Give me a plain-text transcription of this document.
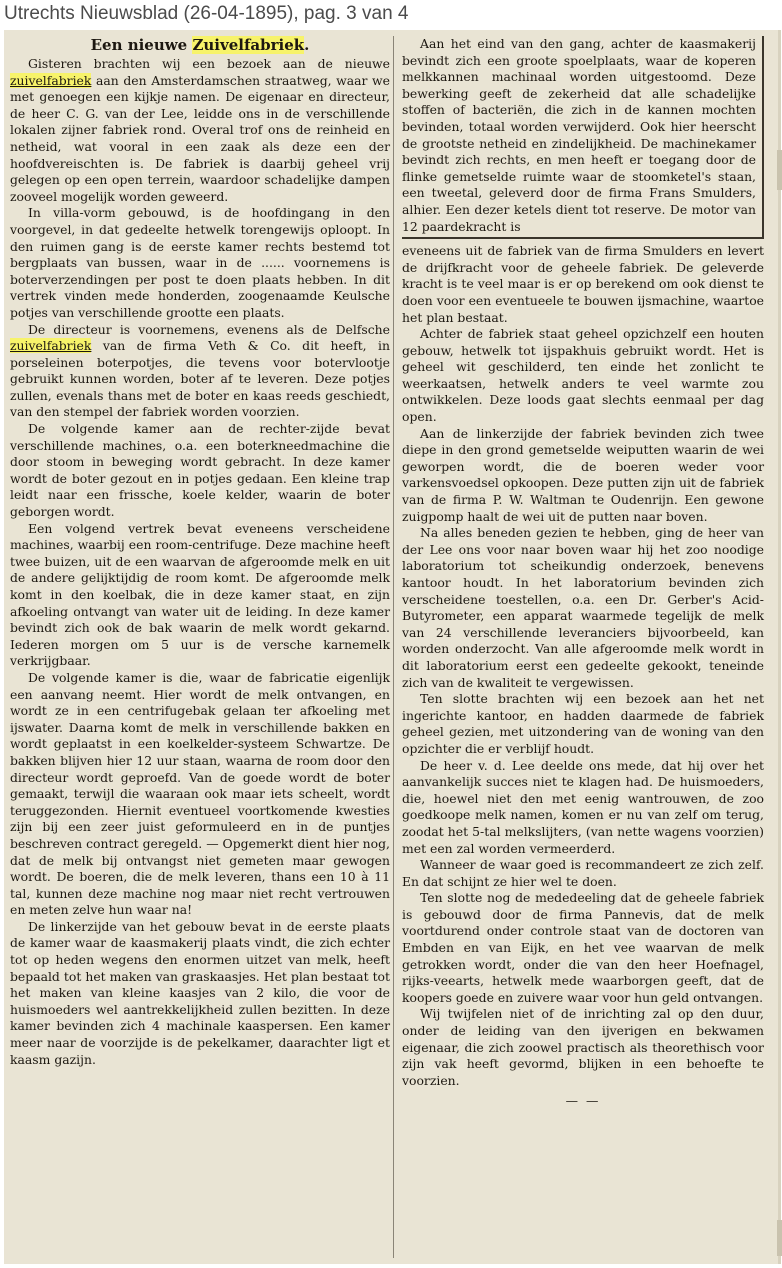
Utrechts Nieuwsblad (26-04-1895), pag. 3 van 4
Een nieuwe Zuivelfabriek.

Gisteren brachten wij een bezoek aan de nieuwe zuivelfabriek aan den Amsterdamschen straatweg, waar we met genoegen een kijkje namen. De eigenaar en directeur, de heer C. G. van der Lee, leidde ons in de verschillende lokalen zijner fabriek rond. Overal trof ons de reinheid en netheid, wat vooral in een zaak als deze een der hoofdvereischten is. De fabriek is daarbij geheel vrij gelegen op een open terrein, waardoor schadelijke dampen zooveel mogelijk worden geweerd.

In villa-vorm gebouwd, is de hoofdingang in den voorgevel, in dat gedeelte hetwelk torengewijs oploopt. In den ruimen gang is de eerste kamer rechts bestemd tot bergplaats van bussen, waar in de ...... voornemens is boterverzendingen per post te doen plaats hebben. In dit vertrek vinden mede honderden, zoogenaamde Keulsche potjes van verschillende grootte een plaats.

De directeur is voornemens, evenens als de Delfsche zuivelfabriek van de firma Veth & Co. dit heeft, in porseleinen boterpotjes, die tevens voor botervlootje gebruikt kunnen worden, boter af te leveren. Deze potjes zullen, evenals thans met de boter en kaas reeds geschiedt, van den stempel der fabriek worden voorzien.

De volgende kamer aan de rechter-zijde bevat verschillende machines, o.a. een boterkneedmachine die door stoom in beweging wordt gebracht. In deze kamer wordt de boter gezout en in potjes gedaan. Een kleine trap leidt naar een frissche, koele kelder, waarin de boter geborgen wordt.

Een volgend vertrek bevat eveneens verscheidene machines, waarbij een room-centrifuge. Deze machine heeft twee buizen, uit de een waarvan de afgeroomde melk en uit de andere gelijktijdig de room komt. De afgeroomde melk komt in den koelbak, die in deze kamer staat, en zijn afkoeling ontvangt van water uit de leiding. In deze kamer bevindt zich ook de bak waarin de melk wordt gekarnd. Iederen morgen om 5 uur is de versche karnemelk verkrijgbaar.

De volgende kamer is die, waar de fabricatie eigenlijk een aanvang neemt. Hier wordt de melk ontvangen, en wordt ze in een centrifugebak gelaan ter afkoeling met ijswater. Daarna komt de melk in verschillende bakken en wordt geplaatst in een koelkelder-systeem Schwartze. De bakken blijven hier 12 uur staan, waarna de room door den directeur wordt geproefd. Van de goede wordt de boter gemaakt, terwijl die waaraan ook maar iets scheelt, wordt teruggezonden. Hiernit eventueel voortkomende kwesties zijn bij een zeer juist geformuleerd en in de puntjes beschreven contract geregeld. — Opgemerkt dient hier nog, dat de melk bij ontvangst niet gemeten maar gewogen wordt. De boeren, die de melk leveren, thans een 10 à 11 tal, kunnen deze machine nog maar niet recht vertrouwen en meten zelve hun waar na!

De linkerzijde van het gebouw bevat in de eerste plaats de kamer waar de kaasmakerij plaats vindt, die zich echter tot op heden wegens den enormen uitzet van melk, heeft bepaald tot het maken van graskaasjes. Het plan bestaat tot het maken van kleine kaasjes van 2 kilo, die voor de huismoeders wel aantrekkelijkheid zullen bezitten. In deze kamer bevinden zich 4 machinale kaaspersen. Een kamer meer naar de voorzijde is de pekelkamer, daarachter ligt et kaasm gazijn.

Aan het eind van den gang, achter de kaasmakerij bevindt zich een groote spoelplaats, waar de koperen melkkannen machinaal worden uitgestoomd. Deze bewerking geeft de zekerheid dat alle schadelijke stoffen of bacteriën, die zich in de kannen mochten bevinden, totaal worden verwijderd. Ook hier heerscht de grootste netheid en zindelijkheid. De machinekamer bevindt zich rechts, en men heeft er toegang door de flinke gemetselde ruimte waar de stoomketel's staan, een tweetal, geleverd door de firma Frans Smulders, alhier. Een dezer ketels dient tot reserve. De motor van 12 paardekracht is

eveneens uit de fabriek van de firma Smulders en levert de drijfkracht voor de geheele fabriek. De geleverde kracht is te veel maar is er op berekend om ook dienst te doen voor een eventueele te bouwen ijsmachine, waartoe het plan bestaat.

Achter de fabriek staat geheel opzichzelf een houten gebouw, hetwelk tot ijspakhuis gebruikt wordt. Het is geheel wit geschilderd, ten einde het zonlicht te weerkaatsen, hetwelk anders te veel warmte zou ontwikkelen. Deze loods gaat slechts eenmaal per dag open.

Aan de linkerzijde der fabriek bevinden zich twee diepe in den grond gemetselde weiputten waarin de wei geworpen wordt, die de boeren weder voor varkensvoedsel opkoopen. Deze putten zijn uit de fabriek van de firma P. W. Waltman te Oudenrijn. Een gewone zuigpomp haalt de wei uit de putten naar boven.

Na alles beneden gezien te hebben, ging de heer van der Lee ons voor naar boven waar hij het zoo noodige laboratorium tot scheikundig onderzoek, benevens kantoor houdt. In het laboratorium bevinden zich verscheidene toestellen, o.a. een Dr. Gerber's Acid-Butyrometer, een apparat waarmede tegelijk de melk van 24 verschillende leveranciers bijvoorbeeld, kan worden onderzocht. Van alle afgeroomde melk wordt in dit laboratorium eerst een gedeelte gekookt, teneinde zich van de kwaliteit te vergewissen.

Ten slotte brachten wij een bezoek aan het net ingerichte kantoor, en hadden daarmede de fabriek geheel gezien, met uitzondering van de woning van den opzichter die er verblijf houdt.

De heer v. d. Lee deelde ons mede, dat hij over het aanvankelijk succes niet te klagen had. De huismoeders, die, hoewel niet den met eenig wantrouwen, de zoo goedkoope melk namen, komen er nu van zelf om terug, zoodat het 5-tal melkslijters, (van nette wagens voorzien) met een zal worden vermeerderd.

Wanneer de waar goed is recommandeert ze zich zelf. En dat schijnt ze hier wel te doen.

Ten slotte nog de mededeeling dat de geheele fabriek is gebouwd door de firma Pannevis, dat de melk voortdurend onder controle staat van de doctoren van Embden en van Eijk, en het vee waarvan de melk getrokken wordt, onder die van den heer Hoefnagel, rijks-veearts, hetwelk mede waarborgen geeft, dat de koopers goede en zuivere waar voor hun geld ontvangen.

Wij twijfelen niet of de inrichting zal op den duur, onder de leiding van den ijverigen en bekwamen eigenaar, die zich zoowel practisch als theorethisch voor zijn vak heeft gevormd, blijken in een behoefte te voorzien.

— —
